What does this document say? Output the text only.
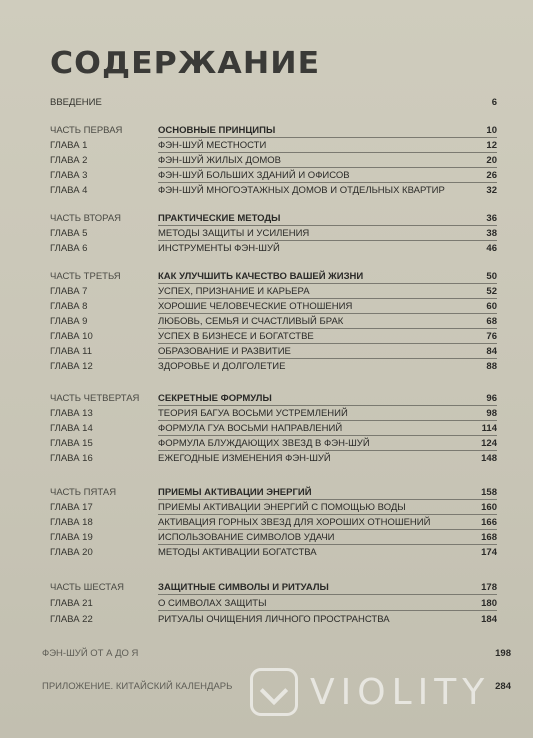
СОДЕРЖАНИЕ
ВВЕДЕНИЕ	6
ЧАСТЬ ПЕРВАЯ	ОСНОВНЫЕ ПРИНЦИПЫ	10
ГЛАВА 1	ФЭН-ШУЙ МЕСТНОСТИ	12
ГЛАВА 2	ФЭН-ШУЙ ЖИЛЫХ ДОМОВ	20
ГЛАВА 3	ФЭН-ШУЙ БОЛЬШИХ ЗДАНИЙ И ОФИСОВ	26
ГЛАВА 4	ФЭН-ШУЙ МНОГОЭТАЖНЫХ ДОМОВ И ОТДЕЛЬНЫХ КВАРТИР	32
ЧАСТЬ ВТОРАЯ	ПРАКТИЧЕСКИЕ МЕТОДЫ	36
ГЛАВА 5	МЕТОДЫ ЗАЩИТЫ И УСИЛЕНИЯ	38
ГЛАВА 6	ИНСТРУМЕНТЫ ФЭН-ШУЙ	46
ЧАСТЬ ТРЕТЬЯ	КАК УЛУЧШИТЬ КАЧЕСТВО ВАШЕЙ ЖИЗНИ	50
ГЛАВА 7	УСПЕХ, ПРИЗНАНИЕ И КАРЬЕРА	52
ГЛАВА 8	ХОРОШИЕ ЧЕЛОВЕЧЕСКИЕ ОТНОШЕНИЯ	60
ГЛАВА 9	ЛЮБОВЬ, СЕМЬЯ И СЧАСТЛИВЫЙ БРАК	68
ГЛАВА 10	УСПЕХ В БИЗНЕСЕ И БОГАТСТВЕ	76
ГЛАВА 11	ОБРАЗОВАНИЕ И РАЗВИТИЕ	84
ГЛАВА 12	ЗДОРОВЬЕ И ДОЛГОЛЕТИЕ	88
ЧАСТЬ ЧЕТВЕРТАЯ СЕКРЕТНЫЕ ФОРМУЛЫ	96
ГЛАВА 13	ТЕОРИЯ БАГУА ВОСЬМИ УСТРЕМЛЕНИЙ	98
ГЛАВА 14	ФОРМУЛА ГУА ВОСЬМИ НАПРАВЛЕНИЙ	114
ГЛАВА 15	ФОРМУЛА БЛУЖДАЮЩИХ ЗВЕЗД В ФЭН-ШУЙ	124
ГЛАВА 16	ЕЖЕГОДНЫЕ ИЗМЕНЕНИЯ ФЭН-ШУЙ	148
ЧАСТЬ ПЯТАЯ	ПРИЕМЫ АКТИВАЦИИ ЭНЕРГИЙ	158
ГЛАВА 17	ПРИЕМЫ АКТИВАЦИИ ЭНЕРГИЙ С ПОМОЩЬЮ ВОДЫ	160
ГЛАВА 18	АКТИВАЦИЯ ГОРНЫХ ЗВЕЗД ДЛЯ ХОРОШИХ ОТНОШЕНИЙ	166
ГЛАВА 19	ИСПОЛЬЗОВАНИЕ СИМВОЛОВ УДАЧИ	168
ГЛАВА 20	МЕТОДЫ АКТИВАЦИИ БОГАТСТВА	174
ЧАСТЬ ШЕСТАЯ	ЗАЩИТНЫЕ СИМВОЛЫ И РИТУАЛЫ	178
ГЛАВА 21	О СИМВОЛАХ ЗАЩИТЫ	180
ГЛАВА 22	РИТУАЛЫ ОЧИЩЕНИЯ ЛИЧНОГО ПРОСТРАНСТВА	184
ФЭН-ШУЙ ОТ А ДО Я	198
ПРИЛОЖЕНИЕ. КИТАЙСКИЙ КАЛЕНДАРЬ	284
VIOLITY
